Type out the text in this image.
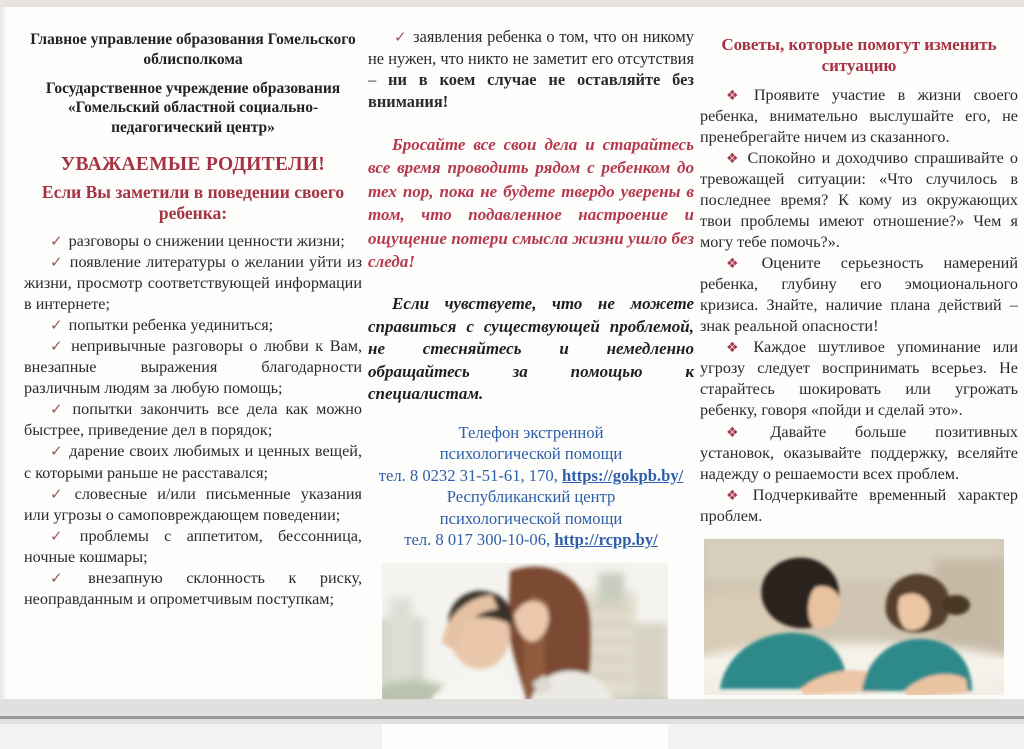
Главное управление образования Гомельского облисполкома
Государственное учреждение образования «Гомельский областной социально-педагогический центр»
УВАЖАЕМЫЕ РОДИТЕЛИ!
Если Вы заметили в поведении своего ребенка:
✓ разговоры о снижении ценности жизни;
✓ появление литературы о желании уйти из жизни, просмотр соответствующей информации в интернете;
✓ попытки ребенка уединиться;
✓ непривычные разговоры о любви к Вам, внезапные выражения благодарности различным людям за любую помощь;
✓ попытки закончить все дела как можно быстрее, приведение дел в порядок;
✓ дарение своих любимых и ценных вещей, с которыми раньше не расставался;
✓ словесные и/или письменные указания или угрозы о самоповреждающем поведении;
✓ проблемы с аппетитом, бессонница, ночные кошмары;
✓ внезапную склонность к риску, неоправданным и опрометчивым поступкам;
✓ заявления ребенка о том, что он никому не нужен, что никто не заметит его отсутствия – ни в коем случае не оставляйте без внимания!
Бросайте все свои дела и старайтесь все время проводить рядом с ребенком до тех пор, пока не будете твердо уверены в том, что подавленное настроение и ощущение потери смысла жизни ушло без следа!
Если чувствуете, что не можете справиться с существующей проблемой, не стесняйтесь и немедленно обращайтесь за помощью к специалистам.
Телефон экстренной
психологической помощи
тел. 8 0232 31-51-61, 170, https://gokpb.by/
Республиканский центр
психологической помощи
тел. 8 017 300-10-06, http://rcpp.by/
Советы, которые помогут изменить ситуацию
❖ Проявите участие в жизни своего ребенка, внимательно выслушайте его, не пренебрегайте ничем из сказанного.
❖ Спокойно и доходчиво спрашивайте о тревожащей ситуации: «Что случилось в последнее время? К кому из окружающих твои проблемы имеют отношение?» Чем я могу тебе помочь?».
❖ Оцените серьезность намерений ребенка, глубину его эмоционального кризиса. Знайте, наличие плана действий – знак реальной опасности!
❖ Каждое шутливое упоминание или угрозу следует воспринимать всерьез. Не старайтесь шокировать или угрожать ребенку, говоря «пойди и сделай это».
❖ Давайте больше позитивных установок, оказывайте поддержку, вселяйте надежду о решаемости всех проблем.
❖ Подчеркивайте временный характер проблем.
